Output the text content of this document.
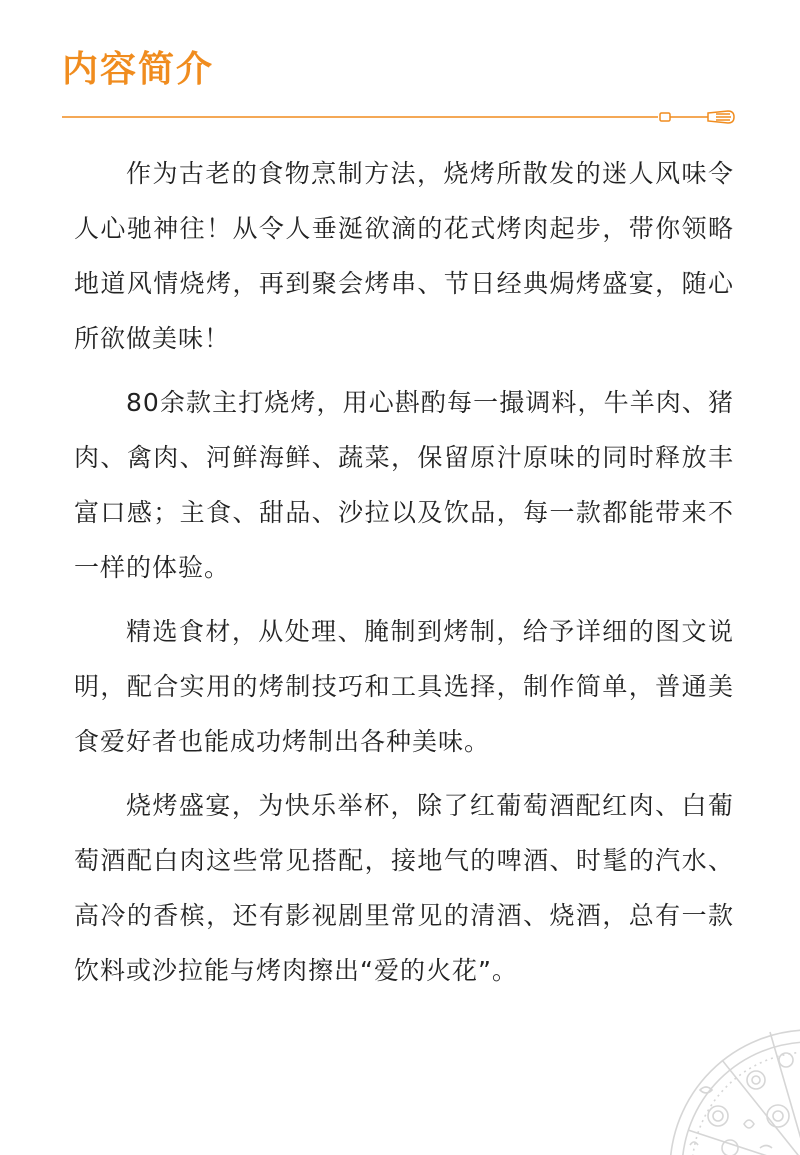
内容简介

作为古老的食物烹制方法，烧烤所散发的迷人风味令人心驰神往！从令人垂涎欲滴的花式烤肉起步，带你领略地道风情烧烤，再到聚会烤串、节日经典焗烤盛宴，随心所欲做美味！

80余款主打烧烤，用心斟酌每一撮调料，牛羊肉、猪肉、禽肉、河鲜海鲜、蔬菜，保留原汁原味的同时释放丰富口感；主食、甜品、沙拉以及饮品，每一款都能带来不一样的体验。

精选食材，从处理、腌制到烤制，给予详细的图文说明，配合实用的烤制技巧和工具选择，制作简单，普通美食爱好者也能成功烤制出各种美味。

烧烤盛宴，为快乐举杯，除了红葡萄酒配红肉、白葡萄酒配白肉这些常见搭配，接地气的啤酒、时髦的汽水、高冷的香槟，还有影视剧里常见的清酒、烧酒，总有一款饮料或沙拉能与烤肉擦出“爱的火花”。
